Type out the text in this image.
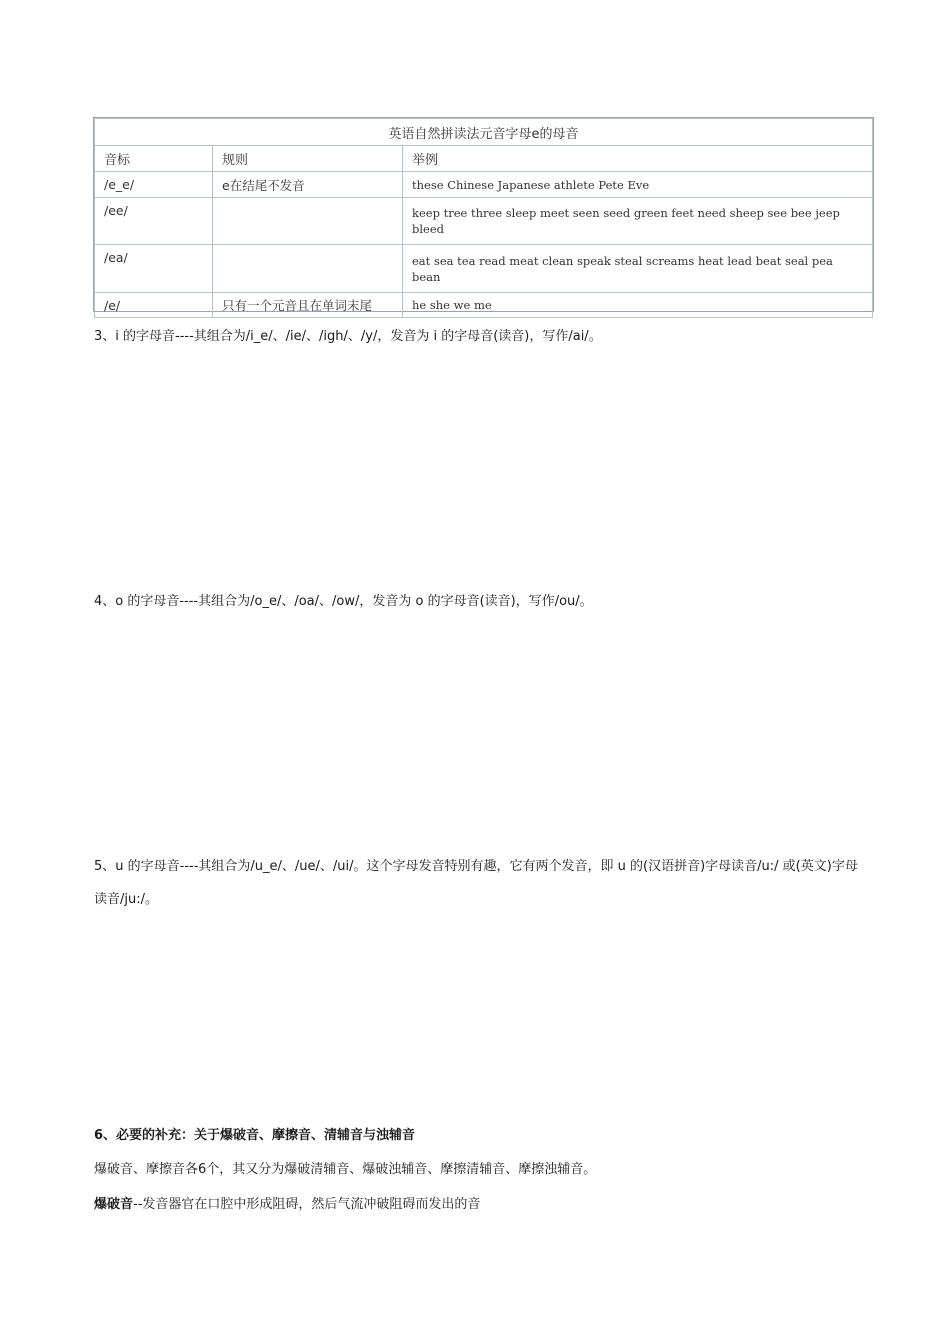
英语自然拼读法元音字母e的母音		
音标	规则	举例
/e_e/	e在结尾不发音	these Chinese Japanese athlete Pete Eve
/ee/		keep tree three sleep meet seen seed green feet need sheep see bee jeep bleed
/ea/		eat sea tea read meat clean speak steal screams heat lead beat seal pea bean
/e/	只有一个元音且在单词末尾	he she we me

3、i 的字母音----其组合为/i_e/、/ie/、/igh/、/y/，发音为 i 的字母音(读音)，写作/ai/。

4、o 的字母音----其组合为/o_e/、/oa/、/ow/，发音为 o 的字母音(读音)，写作/ou/。

5、u 的字母音----其组合为/u_e/、/ue/、/ui/。这个字母发音特别有趣，它有两个发音，即 u 的(汉语拼音)字母读音/u:/ 或(英文)字母读音/ju:/。

6、必要的补充：关于爆破音、摩擦音、清辅音与浊辅音

爆破音、摩擦音各6个，其又分为爆破清辅音、爆破浊辅音、摩擦清辅音、摩擦浊辅音。

爆破音--发音器官在口腔中形成阻碍，然后气流冲破阻碍而发出的音
